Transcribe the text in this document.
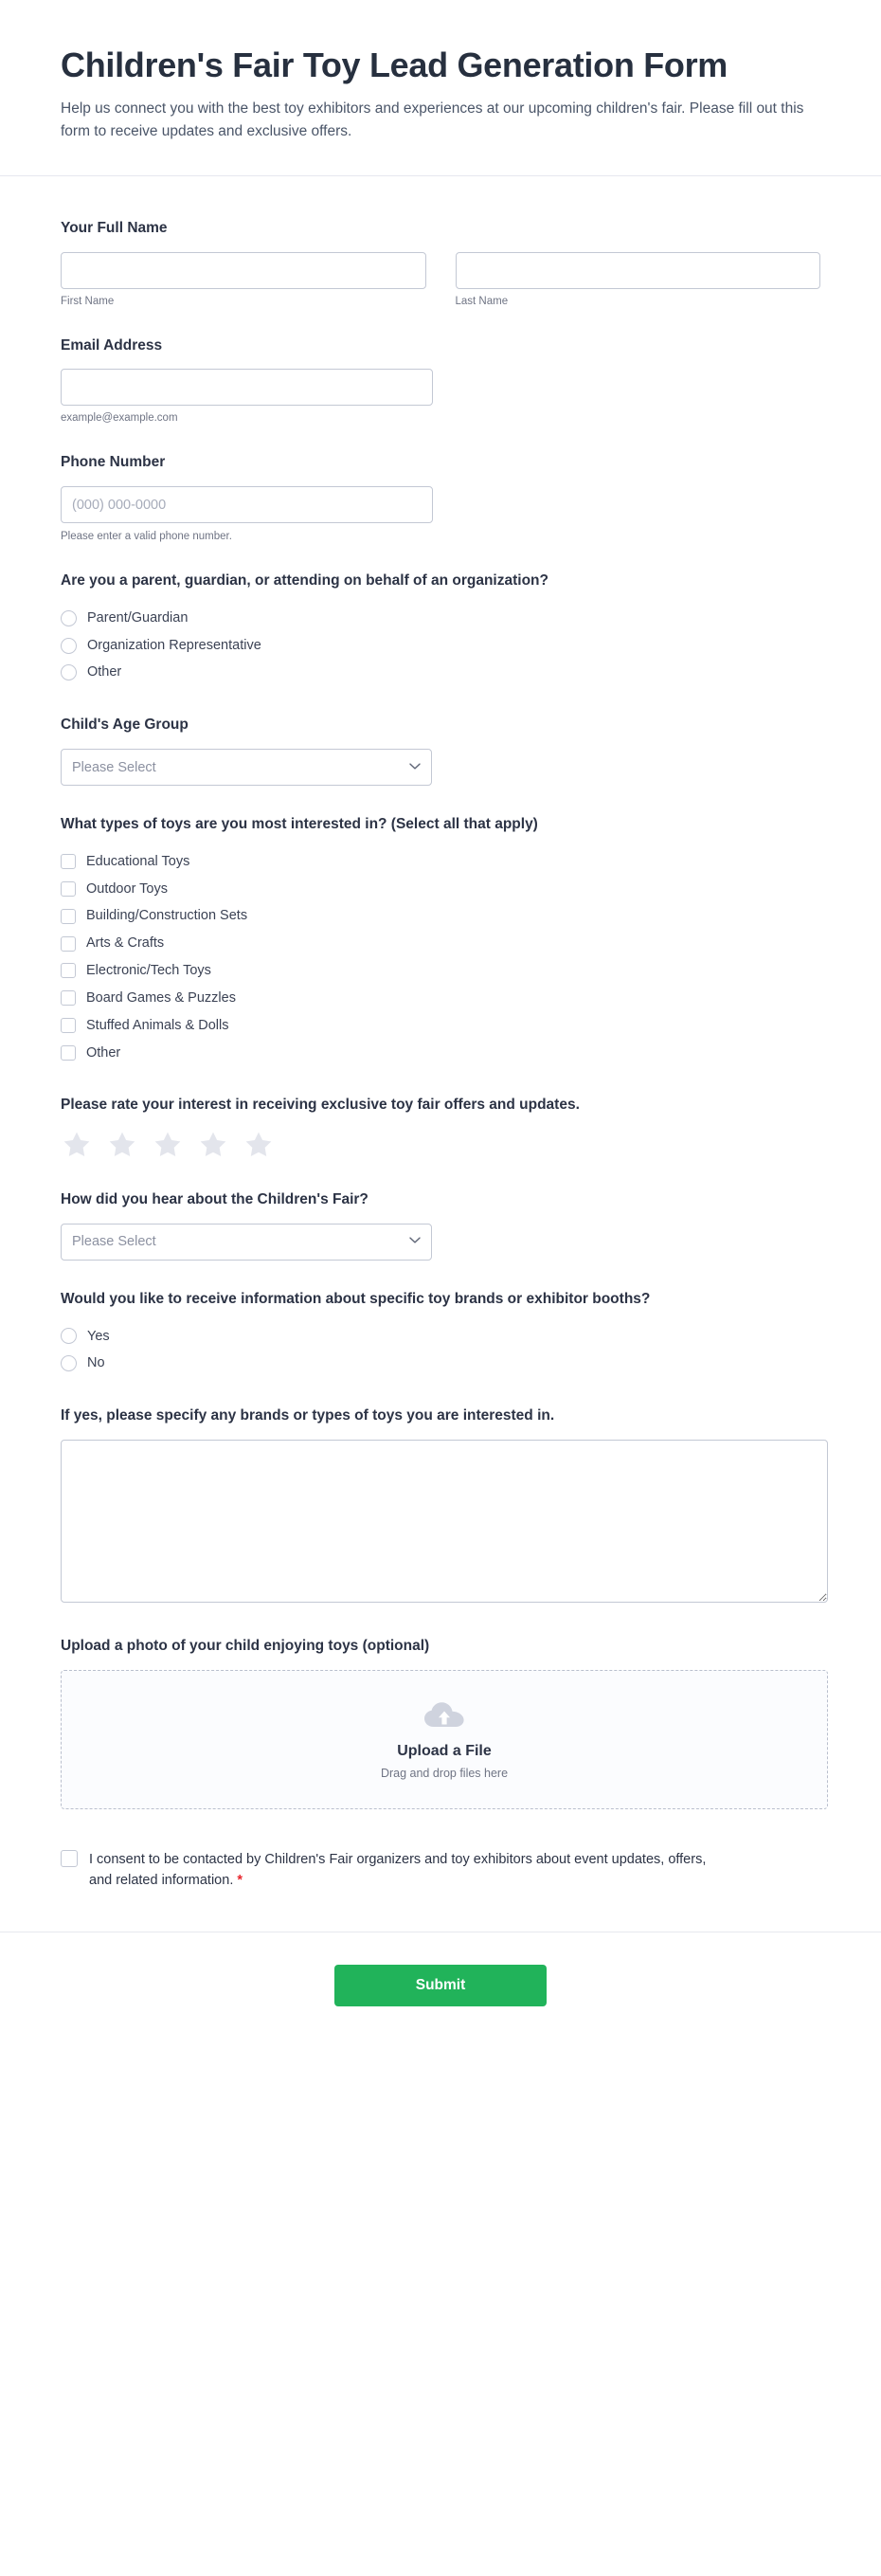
Children's Fair Toy Lead Generation Form

Help us connect you with the best toy exhibitors and experiences at our upcoming children's fair. Please fill out this form to receive updates and exclusive offers.

Your Full Name
First Name	Last Name
Email Address
example@example.com
Phone Number
(000) 000-0000
Please enter a valid phone number.
Are you a parent, guardian, or attending on behalf of an organization?
Parent/Guardian
Organization Representative
Other
Child's Age Group
Please Select
What types of toys are you most interested in? (Select all that apply)
Educational Toys
Outdoor Toys
Building/Construction Sets
Arts & Crafts
Electronic/Tech Toys
Board Games & Puzzles
Stuffed Animals & Dolls
Other
Please rate your interest in receiving exclusive toy fair offers and updates.
How did you hear about the Children's Fair?
Please Select
Would you like to receive information about specific toy brands or exhibitor booths?
Yes
No
If yes, please specify any brands or types of toys you are interested in.
Upload a photo of your child enjoying toys (optional)
Upload a File
Drag and drop files here
I consent to be contacted by Children's Fair organizers and toy exhibitors about event updates, offers, and related information. *
Submit
